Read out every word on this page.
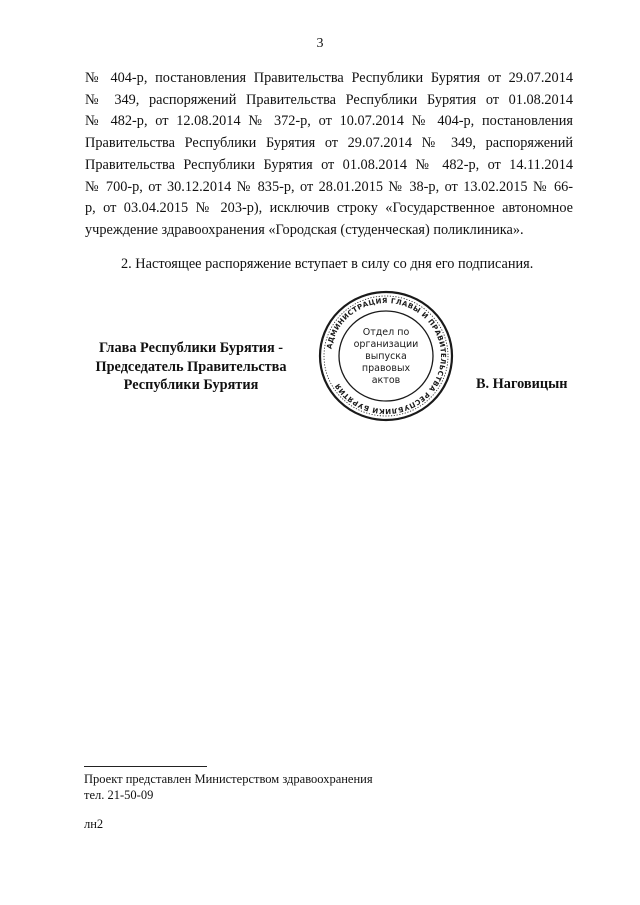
3
№ 404-р, постановления Правительства Республики Бурятия от 29.07.2014
№ 349, распоряжений Правительства Республики Бурятия от 01.08.2014
№ 482-р, от 12.08.2014 № 372-р, от 10.07.2014 № 404-р, постановления
Правительства Республики Бурятия от 29.07.2014 № 349, распоряжений
Правительства Республики Бурятия от 01.08.2014 № 482-р, от 14.11.2014
№ 700-р, от 30.12.2014 № 835-р, от 28.01.2015 № 38-р, от 13.02.2015 № 66-
р, от 03.04.2015 № 203-р), исключив строку «Государственное автономное
учреждение здравоохранения «Городская (студенческая) поликлиника».
2. Настоящее распоряжение вступает в силу со дня его подписания.
Глава Республики Бурятия -
Председатель Правительства
Республики Бурятия
АДМИНИСТРАЦИЯ ГЛАВЫ И ПРАВИТЕЛЬСТВА РЕСПУБЛИКИ БУРЯТИЯ
Отдел по
организации
выпуска
правовых
актов	В. Наговицын
Проект представлен Министерством здравоохранения
тел. 21-50-09
лн2
